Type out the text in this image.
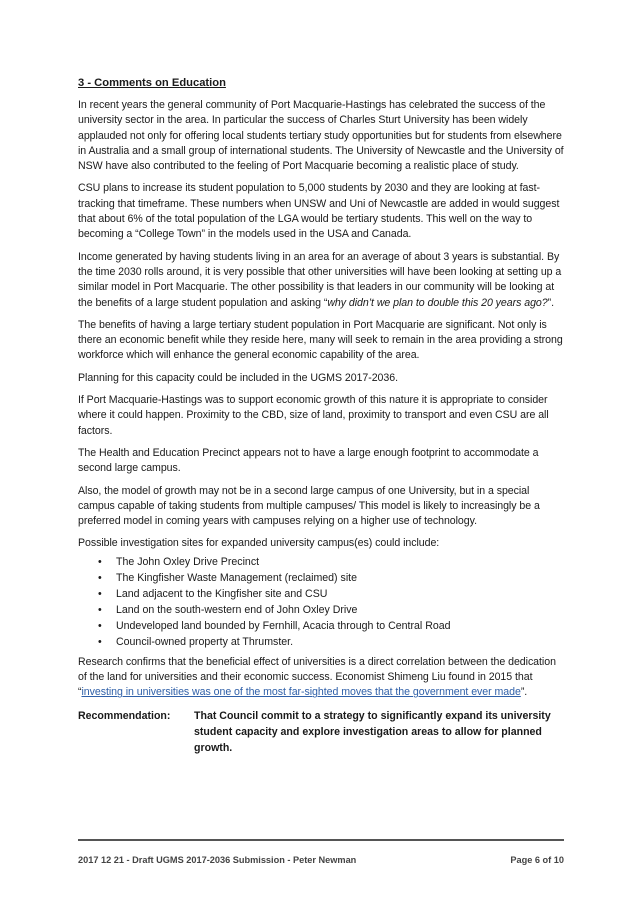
3 - Comments on Education

In recent years the general community of Port Macquarie-Hastings has celebrated the success of the university sector in the area. In particular the success of Charles Sturt University has been widely applauded not only for offering local students tertiary study opportunities but for students from elsewhere in Australia and a small group of international students. The University of Newcastle and the University of NSW have also contributed to the feeling of Port Macquarie becoming a realistic place of study.

CSU plans to increase its student population to 5,000 students by 2030 and they are looking at fast-tracking that timeframe. These numbers when UNSW and Uni of Newcastle are added in would suggest that about 6% of the total population of the LGA would be tertiary students. This well on the way to becoming a “College Town” in the models used in the USA and Canada.

Income generated by having students living in an area for an average of about 3 years is substantial. By the time 2030 rolls around, it is very possible that other universities will have been looking at setting up a similar model in Port Macquarie. The other possibility is that leaders in our community will be looking at the benefits of a large student population and asking “why didn’t we plan to double this 20 years ago?”.

The benefits of having a large tertiary student population in Port Macquarie are significant. Not only is there an economic benefit while they reside here, many will seek to remain in the area providing a strong workforce which will enhance the general economic capability of the area.

Planning for this capacity could be included in the UGMS 2017-2036.

If Port Macquarie-Hastings was to support economic growth of this nature it is appropriate to consider where it could happen. Proximity to the CBD, size of land, proximity to transport and even CSU are all factors.

The Health and Education Precinct appears not to have a large enough footprint to accommodate a second large campus.

Also, the model of growth may not be in a second large campus of one University, but in a special campus capable of taking students from multiple campuses/ This model is likely to increasingly be a preferred model in coming years with campuses relying on a higher use of technology.

Possible investigation sites for expanded university campus(es) could include:

• The John Oxley Drive Precinct
• The Kingfisher Waste Management (reclaimed) site
• Land adjacent to the Kingfisher site and CSU
• Land on the south-western end of John Oxley Drive
• Undeveloped land bounded by Fernhill, Acacia through to Central Road
• Council-owned property at Thrumster.

Research confirms that the beneficial effect of universities is a direct correlation between the dedication of the land for universities and their economic success. Economist Shimeng Liu found in 2015 that “investing in universities was one of the most far-sighted moves that the government ever made”.

Recommendation:	That Council commit to a strategy to significantly expand its university student capacity and explore investigation areas to allow for planned growth.
2017 12 21 - Draft UGMS 2017-2036 Submission - Peter Newman	Page 6 of 10
